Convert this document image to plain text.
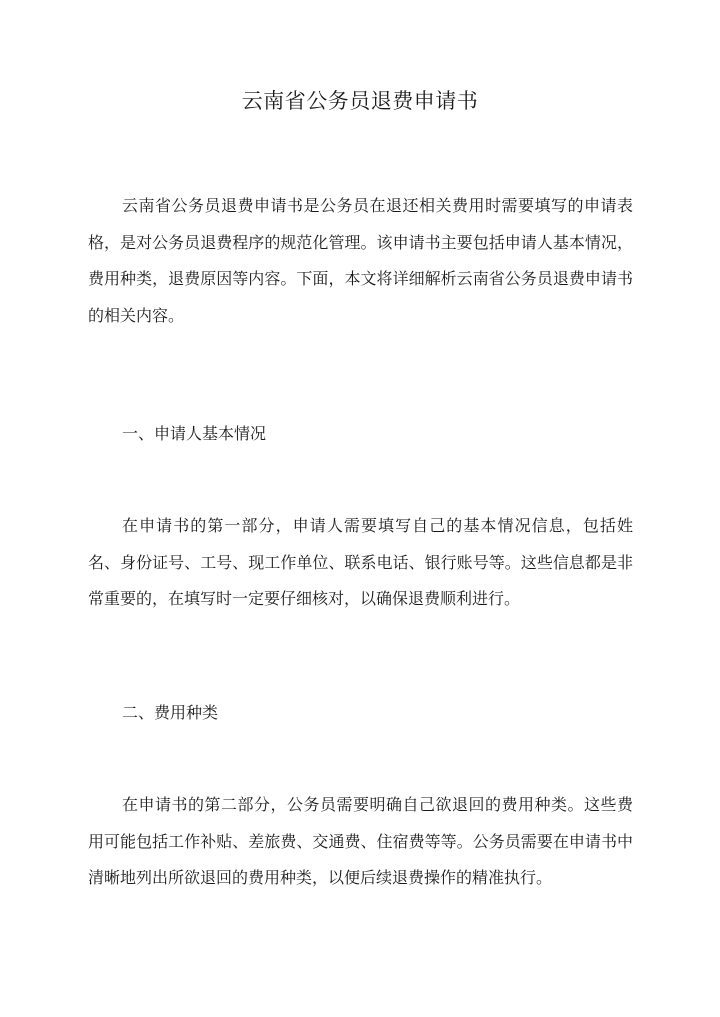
云南省公务员退费申请书

云南省公务员退费申请书是公务员在退还相关费用时需要填写的申请表格，是对公务员退费程序的规范化管理。该申请书主要包括申请人基本情况，费用种类，退费原因等内容。下面，本文将详细解析云南省公务员退费申请书的相关内容。

一、申请人基本情况

在申请书的第一部分，申请人需要填写自己的基本情况信息，包括姓名、身份证号、工号、现工作单位、联系电话、银行账号等。这些信息都是非常重要的，在填写时一定要仔细核对，以确保退费顺利进行。

二、费用种类

在申请书的第二部分，公务员需要明确自己欲退回的费用种类。这些费用可能包括工作补贴、差旅费、交通费、住宿费等等。公务员需要在申请书中清晰地列出所欲退回的费用种类，以便后续退费操作的精准执行。
